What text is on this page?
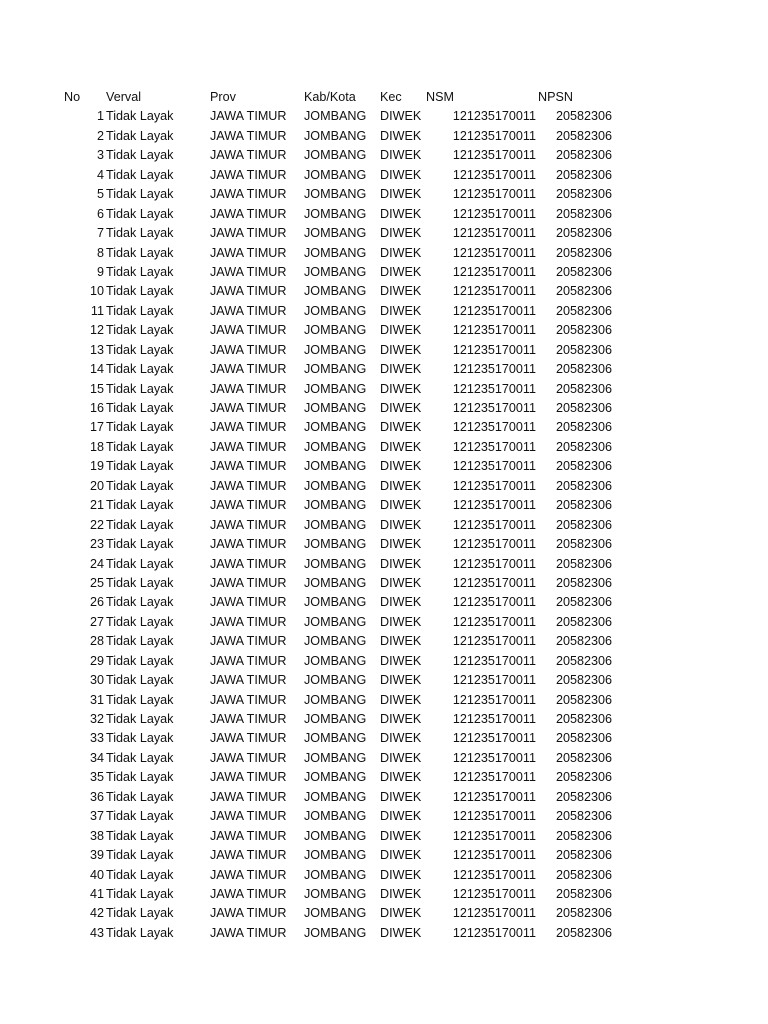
No Verval	Prov	Kab/Kota Kec NSM	NPSN
1 Tidak Layak	JAWA TIMUR JOMBANG DIWEK	121235170011 20582306
2 Tidak Layak	JAWA TIMUR JOMBANG DIWEK	121235170011 20582306
3 Tidak Layak	JAWA TIMUR JOMBANG DIWEK	121235170011 20582306
4 Tidak Layak	JAWA TIMUR JOMBANG DIWEK	121235170011 20582306
5 Tidak Layak	JAWA TIMUR JOMBANG DIWEK	121235170011 20582306
6 Tidak Layak	JAWA TIMUR JOMBANG DIWEK	121235170011 20582306
7 Tidak Layak	JAWA TIMUR JOMBANG DIWEK	121235170011 20582306
8 Tidak Layak	JAWA TIMUR JOMBANG DIWEK	121235170011 20582306
9 Tidak Layak	JAWA TIMUR JOMBANG DIWEK	121235170011 20582306
10 Tidak Layak	JAWA TIMUR JOMBANG DIWEK	121235170011 20582306
11 Tidak Layak	JAWA TIMUR JOMBANG DIWEK	121235170011 20582306
12 Tidak Layak	JAWA TIMUR JOMBANG DIWEK	121235170011 20582306
13 Tidak Layak	JAWA TIMUR JOMBANG DIWEK	121235170011 20582306
14 Tidak Layak	JAWA TIMUR JOMBANG DIWEK	121235170011 20582306
15 Tidak Layak	JAWA TIMUR JOMBANG DIWEK	121235170011 20582306
16 Tidak Layak	JAWA TIMUR JOMBANG DIWEK	121235170011 20582306
17 Tidak Layak	JAWA TIMUR JOMBANG DIWEK	121235170011 20582306
18 Tidak Layak	JAWA TIMUR JOMBANG DIWEK	121235170011 20582306
19 Tidak Layak	JAWA TIMUR JOMBANG DIWEK	121235170011 20582306
20 Tidak Layak	JAWA TIMUR JOMBANG DIWEK	121235170011 20582306
21 Tidak Layak	JAWA TIMUR JOMBANG DIWEK	121235170011 20582306
22 Tidak Layak	JAWA TIMUR JOMBANG DIWEK	121235170011 20582306
23 Tidak Layak	JAWA TIMUR JOMBANG DIWEK	121235170011 20582306
24 Tidak Layak	JAWA TIMUR JOMBANG DIWEK	121235170011 20582306
25 Tidak Layak	JAWA TIMUR JOMBANG DIWEK	121235170011 20582306
26 Tidak Layak	JAWA TIMUR JOMBANG DIWEK	121235170011 20582306
27 Tidak Layak	JAWA TIMUR JOMBANG DIWEK	121235170011 20582306
28 Tidak Layak	JAWA TIMUR JOMBANG DIWEK	121235170011 20582306
29 Tidak Layak	JAWA TIMUR JOMBANG DIWEK	121235170011 20582306
30 Tidak Layak	JAWA TIMUR JOMBANG DIWEK	121235170011 20582306
31 Tidak Layak	JAWA TIMUR JOMBANG DIWEK	121235170011 20582306
32 Tidak Layak	JAWA TIMUR JOMBANG DIWEK	121235170011 20582306
33 Tidak Layak	JAWA TIMUR JOMBANG DIWEK	121235170011 20582306
34 Tidak Layak	JAWA TIMUR JOMBANG DIWEK	121235170011 20582306
35 Tidak Layak	JAWA TIMUR JOMBANG DIWEK	121235170011 20582306
36 Tidak Layak	JAWA TIMUR JOMBANG DIWEK	121235170011 20582306
37 Tidak Layak	JAWA TIMUR JOMBANG DIWEK	121235170011 20582306
38 Tidak Layak	JAWA TIMUR JOMBANG DIWEK	121235170011 20582306
39 Tidak Layak	JAWA TIMUR JOMBANG DIWEK	121235170011 20582306
40 Tidak Layak	JAWA TIMUR JOMBANG DIWEK	121235170011 20582306
41 Tidak Layak	JAWA TIMUR JOMBANG DIWEK	121235170011 20582306
42 Tidak Layak	JAWA TIMUR JOMBANG DIWEK	121235170011 20582306
43 Tidak Layak	JAWA TIMUR JOMBANG DIWEK	121235170011 20582306
